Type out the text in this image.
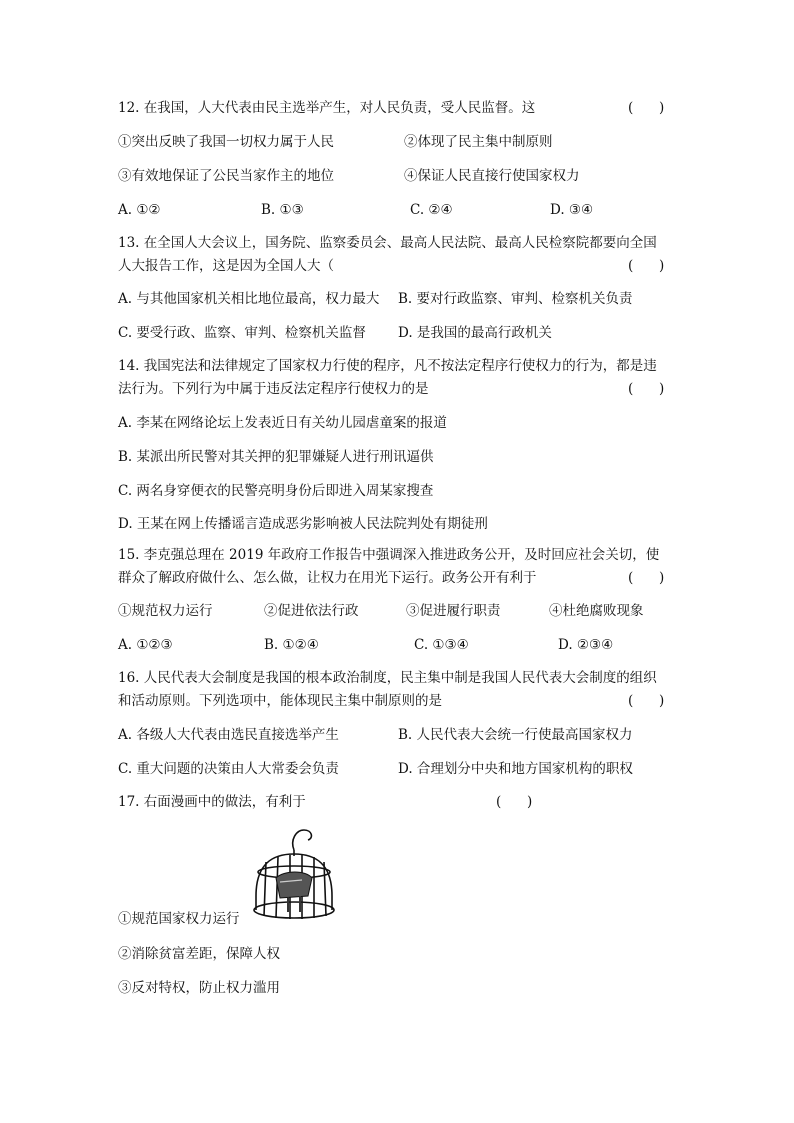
12. 在我国，人大代表由民主选举产生，对人民负责，受人民监督。这	(      )
①突出反映了我国一切权力属于人民	②体现了民主集中制原则
③有效地保证了公民当家作主的地位	④保证人民直接行使国家权力
A. ①②	B. ①③	C. ②④	D. ③④
13. 在全国人大会议上，国务院、监察委员会、最高人民法院、最高人民检察院都要向全国
人大报告工作，这是因为全国人大（	(      )
A. 与其他国家机关相比地位最高，权力最大 B. 要对行政监察、审判、检察机关负责
C. 要受行政、监察、审判、检察机关监督 D. 是我国的最高行政机关
14. 我国宪法和法律规定了国家权力行使的程序，凡不按法定程序行使权力的行为，都是违
法行为。下列行为中属于违反法定程序行使权力的是	(      )
A. 李某在网络论坛上发表近日有关幼儿园虐童案的报道
B. 某派出所民警对其关押的犯罪嫌疑人进行刑讯逼供
C. 两名身穿便衣的民警亮明身份后即进入周某家搜查
D. 王某在网上传播谣言造成恶劣影响被人民法院判处有期徒刑
15. 李克强总理在 2019 年政府工作报告中强调深入推进政务公开，及时回应社会关切，使
群众了解政府做什么、怎么做，让权力在用光下运行。政务公开有利于	(      )
①规范权力运行	②促进依法行政	③促进履行职责	④杜绝腐败现象
A. ①②③	B. ①②④	C. ①③④	D. ②③④
16. 人民代表大会制度是我国的根本政治制度，民主集中制是我国人民代表大会制度的组织
和活动原则。下列选项中，能体现民主集中制原则的是	(      )
A. 各级人大代表由选民直接选举产生	B. 人民代表大会统一行使最高国家权力
C. 重大问题的决策由人大常委会负责	D. 合理划分中央和地方国家机构的职权
17. 右面漫画中的做法，有利于	(      )
①规范国家权力运行
②消除贫富差距，保障人权
③反对特权，防止权力滥用
